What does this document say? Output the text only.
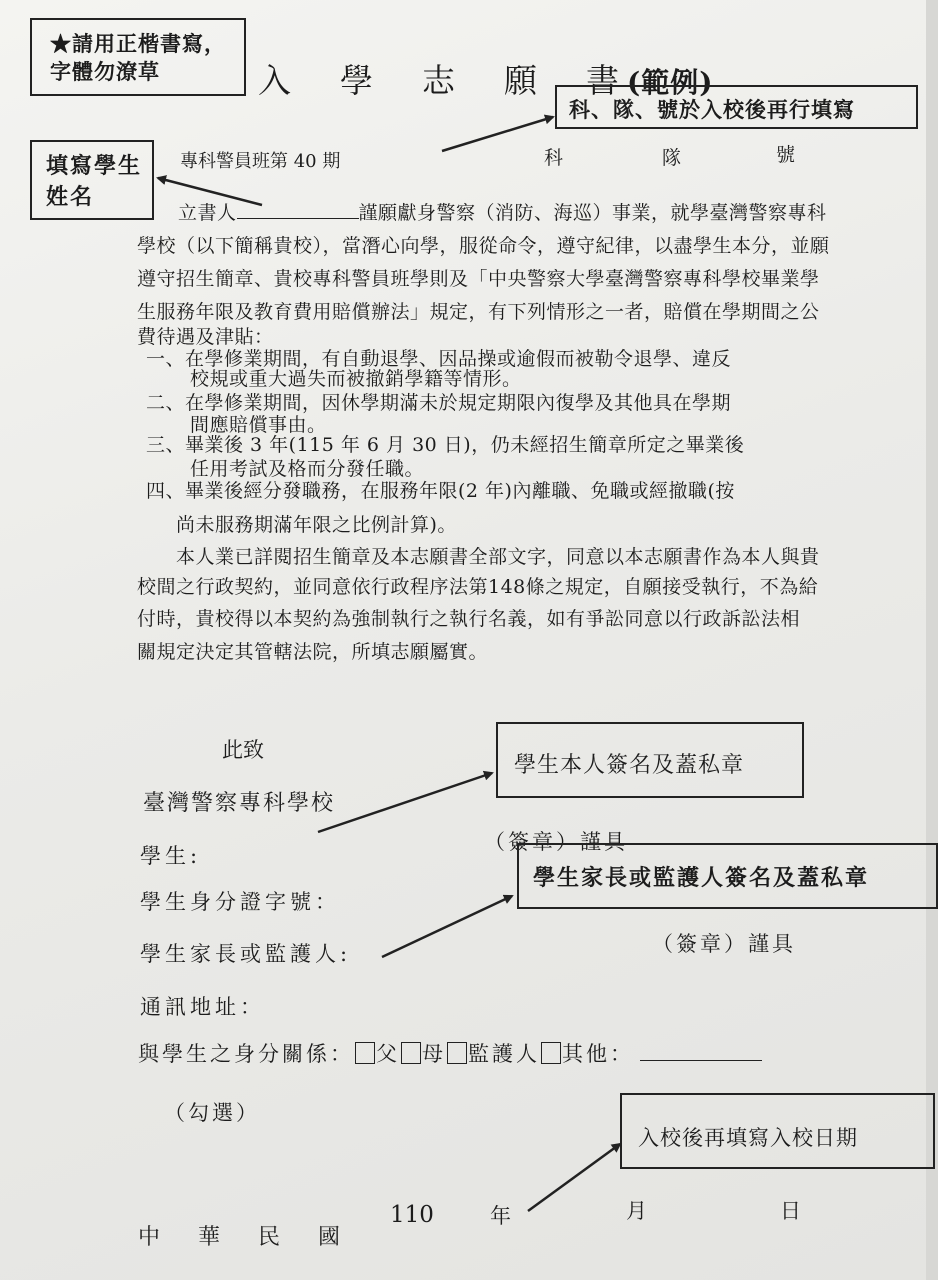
★請用正楷書寫，字體勿潦草	入　學　志　願　書(範例)
科、隊、號於入校後再行填寫
填寫學生姓名
專科警員班第 40 期	科	隊	號
立書人	謹願獻身警察（消防、海巡）事業，就學臺灣警察專科
學校（以下簡稱貴校），當潛心向學，服從命令，遵守紀律，以盡學生本分，並願
遵守招生簡章、貴校專科警員班學則及「中央警察大學臺灣警察專科學校畢業學
生服務年限及教育費用賠償辦法」規定，有下列情形之一者，賠償在學期間之公
費待遇及津貼：
一、在學修業期間，有自動退學、因品操或逾假而被勒令退學、違反
校規或重大過失而被撤銷學籍等情形。
二、在學修業期間，因休學期滿未於規定期限內復學及其他具在學期
間應賠償事由。
三、畢業後 3 年(115 年 6 月 30 日)，仍未經招生簡章所定之畢業後
任用考試及格而分發任職。
四、畢業後經分發職務，在服務年限(2 年)內離職、免職或經撤職(按
尚未服務期滿年限之比例計算)。
本人業已詳閱招生簡章及本志願書全部文字，同意以本志願書作為本人與貴
校間之行政契約，並同意依行政程序法第148條之規定，自願接受執行，不為給
付時，貴校得以本契約為強制執行之執行名義，如有爭訟同意以行政訴訟法相
關規定決定其管轄法院，所填志願屬實。
此致
學生本人簽名及蓋私章
臺灣警察專科學校
學生:
（簽章）謹具
學生家長或監護人簽名及蓋私章
學生身分證字號：
學生家長或監護人:	（簽章）謹具
通訊地址：
與學生之身分關係： 父 母 監護人 其他：
（勾選）
入校後再填寫入校日期
中　華　民　國
110	年	月	日
